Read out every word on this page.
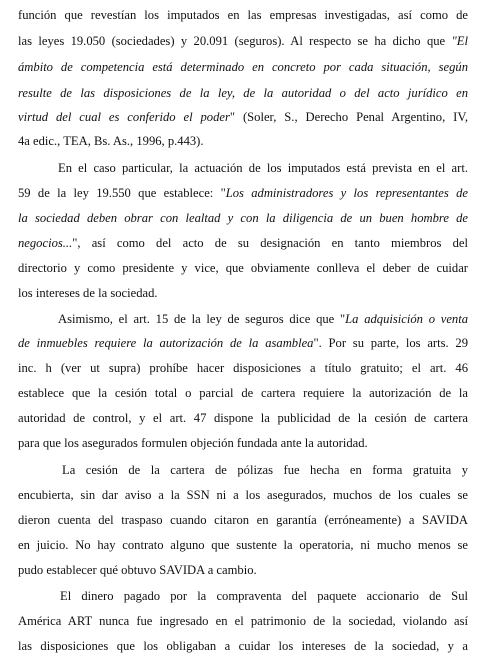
función que revestían los imputados en las empresas investigadas, así como de
las leyes 19.050 (sociedades) y 20.091 (seguros). Al respecto se ha dicho que "El
ámbito de competencia está determinado en concreto por cada situación, según
resulte de las disposiciones de la ley, de la autoridad o del acto jurídico en
virtud del cual es conferido el poder" (Soler, S., Derecho Penal Argentino, IV,
4a edic., TEA, Bs. As., 1996, p.443).
En el caso particular, la actuación de los imputados está prevista en el art.
59 de la ley 19.550 que establece: "Los administradores y los representantes de
la sociedad deben obrar con lealtad y con la diligencia de un buen hombre de
negocios...", así como del acto de su designación en tanto miembros del
directorio y como presidente y vice, que obviamente conlleva el deber de cuidar
los intereses de la sociedad.
Asimismo, el art. 15 de la ley de seguros dice que "La adquisición o venta
de inmuebles requiere la autorización de la asamblea". Por su parte, los arts. 29
inc. h (ver ut supra) prohíbe hacer disposiciones a título gratuito; el art. 46
establece que la cesión total o parcial de cartera requiere la autorización de la
autoridad de control, y el art. 47 dispone la publicidad de la cesión de cartera
para que los asegurados formulen objeción fundada ante la autoridad.
La cesión de la cartera de pólizas fue hecha en forma gratuita y
encubierta, sin dar aviso a la SSN ni a los asegurados, muchos de los cuales se
dieron cuenta del traspaso cuando citaron en garantía (erróneamente) a SAVIDA
en juicio. No hay contrato alguno que sustente la operatoria, ni mucho menos se
pudo establecer qué obtuvo SAVIDA a cambio.
El dinero pagado por la compraventa del paquete accionario de Sul
América ART nunca fue ingresado en el patrimonio de la sociedad, violando así
las disposiciones que los obligaban a cuidar los intereses de la sociedad, y a
